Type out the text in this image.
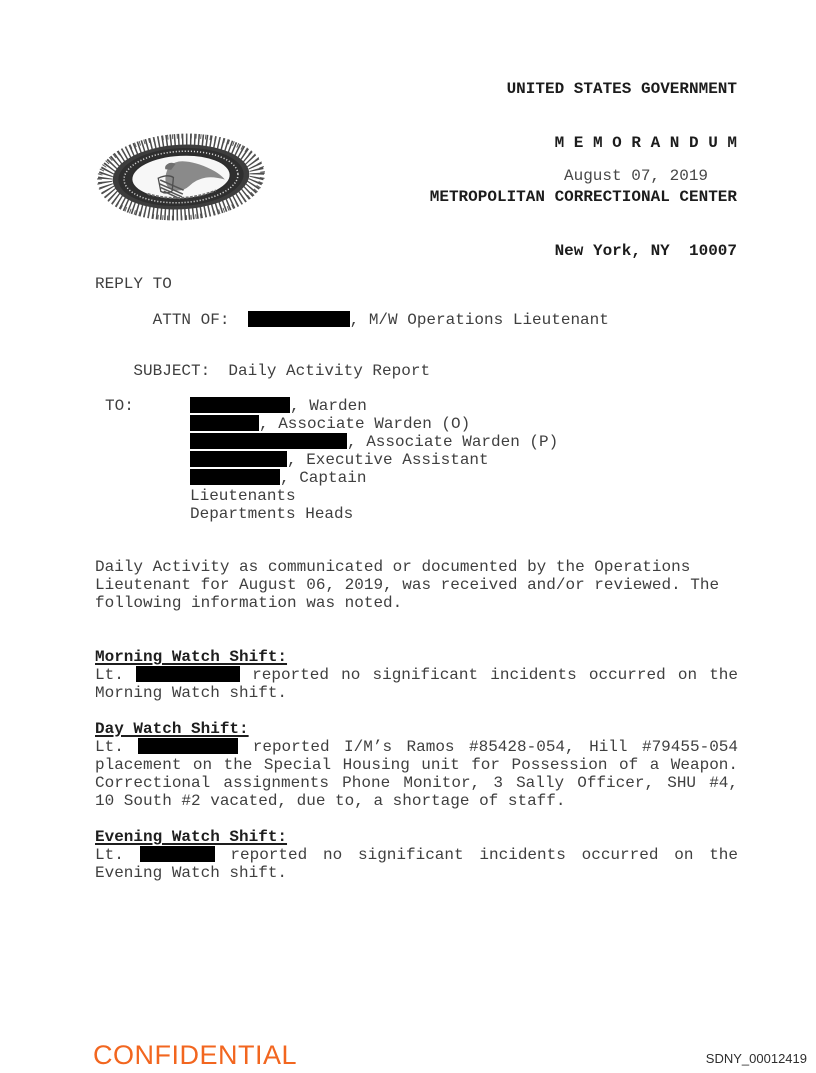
UNITED STATES GOVERNMENT

M E M O R A N D U M

METROPOLITAN CORRECTIONAL CENTER

New York, NY  10007

August 07, 2019
REPLY TO

ATTN OF:	, M/W Operations Lieutenant

SUBJECT: Daily Activity Report

TO:	, Warden
, Associate Warden (O)
, Associate Warden (P)
, Executive Assistant
, Captain
Lieutenants
Departments Heads

Daily Activity as communicated or documented by the Operations Lieutenant for August 06, 2019, was received and/or reviewed. The following information was noted.

Morning Watch Shift:

Lt.	reported no significant incidents occurred on the Morning Watch shift.

Day Watch Shift:

Lt.	reported I/M’s Ramos #85428-054, Hill #79455-054 placement on the Special Housing unit for Possession of a Weapon. Correctional assignments Phone Monitor, 3 Sally Officer, SHU #4, 10 South #2 vacated, due to, a shortage of staff.

Evening Watch Shift:

Lt.	reported no significant incidents occurred on the Evening Watch shift.

CONFIDENTIAL	SDNY_00012419
